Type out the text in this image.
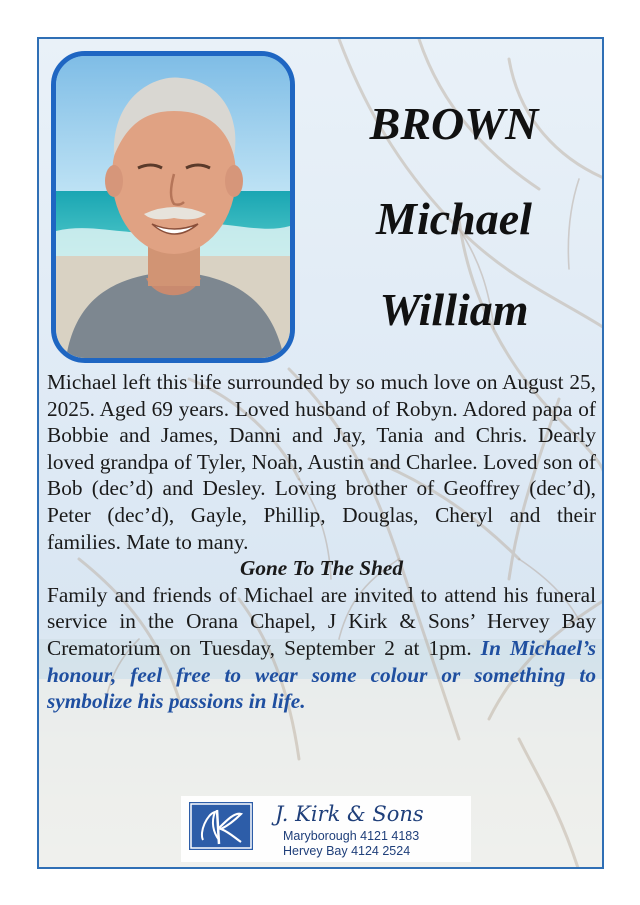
BROWN
Michael
William

Michael left this life surrounded by so much love on August 25, 2025. Aged 69 years. Loved husband of Robyn. Adored papa of Bobbie and James, Danni and Jay, Tania and Chris. Dearly loved grandpa of Tyler, Noah, Austin and Charlee. Loved son of Bob (dec’d) and Desley. Loving brother of Geoffrey (dec’d), Peter (dec’d), Gayle, Phillip, Douglas, Cheryl and their families. Mate to many.

Gone To The Shed

Family and friends of Michael are invited to attend his funeral service in the Orana Chapel, J Kirk & Sons’ Hervey Bay Crematorium on Tuesday, September 2 at 1pm. In Michael’s honour, feel free to wear some colour or something to symbolize his passions in life.

J. Kirk & Sons
Maryborough 4121 4183
Hervey Bay 4124 2524
